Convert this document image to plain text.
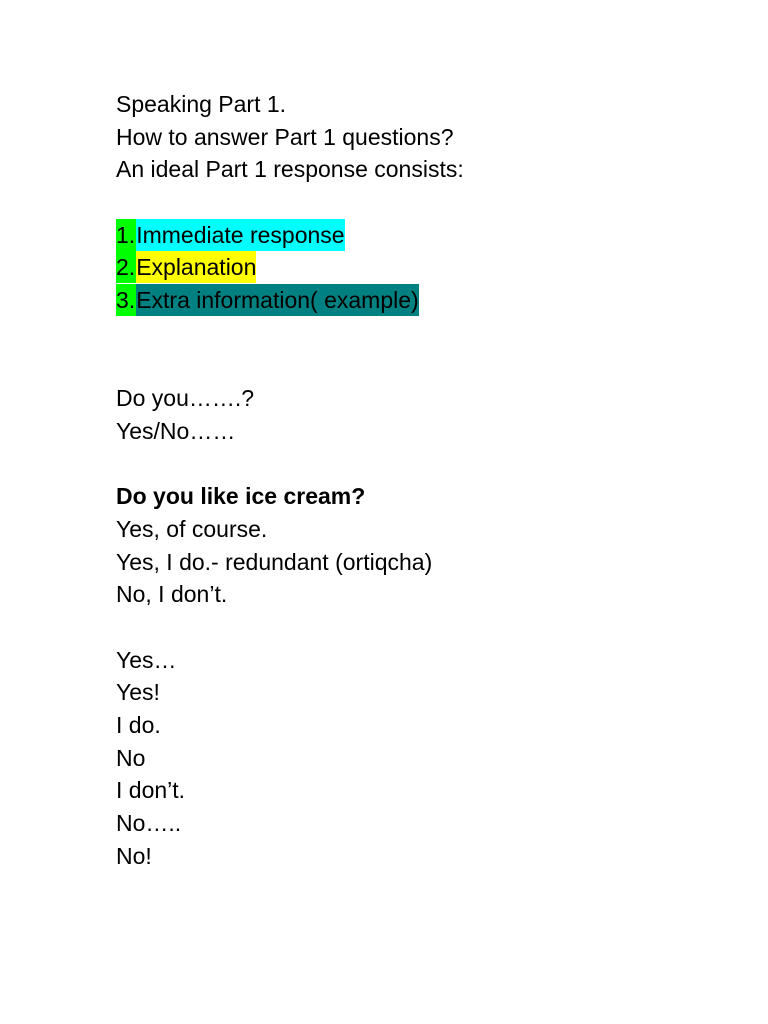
Speaking Part 1.
How to answer Part 1 questions?
An ideal Part 1 response consists:
1.Immediate response
2.Explanation
3.Extra information( example)
Do you…….?
Yes/No……
Do you like ice cream?
Yes, of course.
Yes, I do.- redundant (ortiqcha)
No, I don’t.
Yes…
Yes!
I do.
No
I don’t.
No…..
No!
